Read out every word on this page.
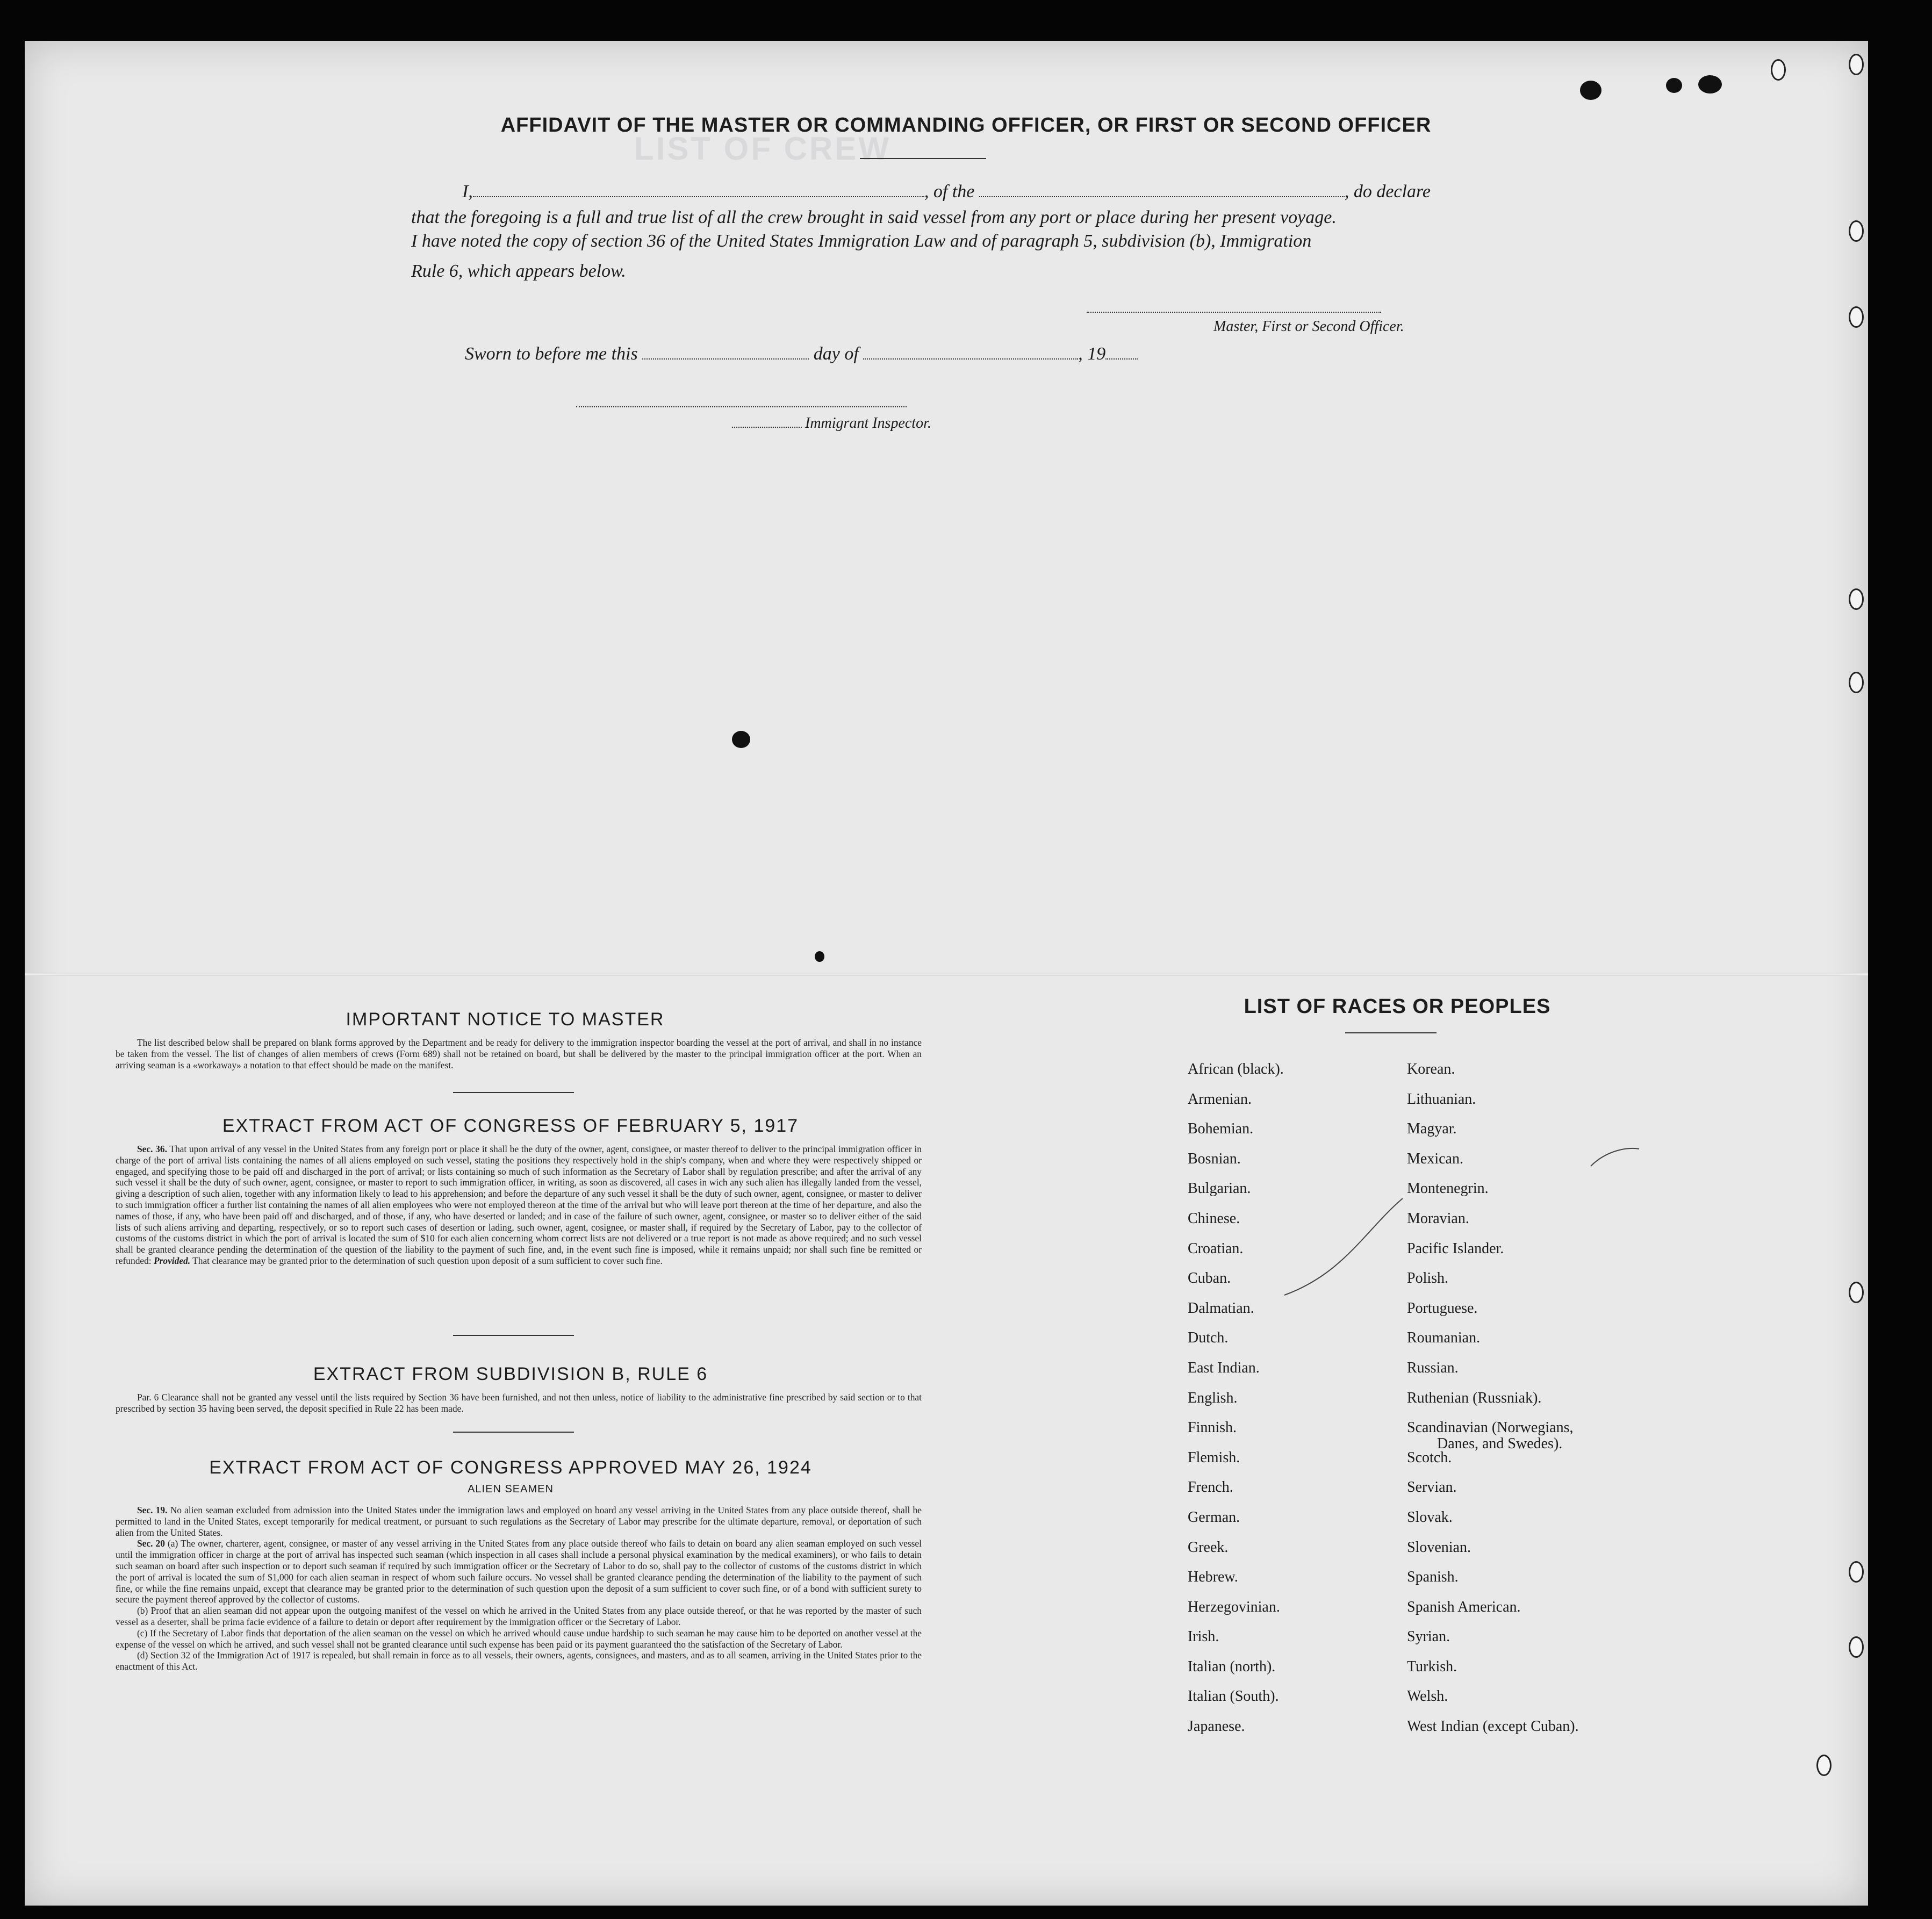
LIST OF CREW
AFFIDAVIT OF THE MASTER OR COMMANDING OFFICER, OR FIRST OR SECOND OFFICER
I,	, of the	, do declare
that the foregoing is a full and true list of all the crew brought in said vessel from any port or place during her present voyage.
I have noted the copy of section 36 of the United States Immigration Law and of paragraph 5, subdivision (b), Immigration
Rule 6, which appears below.
Master, First or Second Officer.
Sworn to before me this	day of	, 19
Immigrant Inspector.
IMPORTANT NOTICE TO MASTER

The list described below shall be prepared on blank forms approved by the Department and be ready for delivery to the immigration inspector boarding the vessel at the port of arrival, and shall in no instance be taken from the vessel. The list of changes of alien members of crews (Form 689) shall not be retained on board, but shall be delivered by the master to the principal immigration officer at the port. When an arriving seaman is a «workaway» a notation to that effect should be made on the manifest.

EXTRACT FROM ACT OF CONGRESS OF FEBRUARY 5, 1917

Sec. 36. That upon arrival of any vessel in the United States from any foreign port or place it shall be the duty of the owner, agent, consignee, or master thereof to deliver to the principal immigration officer in charge of the port of arrival lists containing the names of all aliens employed on such vessel, stating the positions they respectively hold in the ship's company, when and where they were respectively shipped or engaged, and specifying those to be paid off and discharged in the port of arrival; or lists containing so much of such information as the Secretary of Labor shall by regulation prescribe; and after the arrival of any such vessel it shall be the duty of such owner, agent, consignee, or master to report to such immigration officer, in writing, as soon as discovered, all cases in wich any such alien has illegally landed from the vessel, giving a description of such alien, together with any information likely to lead to his apprehension; and before the departure of any such vessel it shall be the duty of such owner, agent, consignee, or master to deliver to such immigration officer a further list containing the names of all alien employees who were not employed thereon at the time of the arrival but who will leave port thereon at the time of her departure, and also the names of those, if any, who have been paid off and discharged, and of those, if any, who have deserted or landed; and in case of the failure of such owner, agent, consignee, or master so to deliver either of the said lists of such aliens arriving and departing, respectively, or so to report such cases of desertion or lading, such owner, agent, cosignee, or master shall, if required by the Secretary of Labor, pay to the collector of customs of the customs district in which the port of arrival is located the sum of $10 for each alien concerning whom correct lists are not delivered or a true report is not made as above required; and no such vessel shall be granted clearance pending the determination of the question of the liability to the payment of such fine, and, in the event such fine is imposed, while it remains unpaid; nor shall such fine be remitted or refunded: Provided. That clearance may be granted prior to the determination of such question upon deposit of a sum sufficient to cover such fine.

EXTRACT FROM SUBDIVISION B, RULE 6

Par. 6 Clearance shall not be granted any vessel until the lists required by Section 36 have been furnished, and not then unless, notice of liability to the administrative fine prescribed by said section or to that prescribed by section 35 having been served, the deposit specified in Rule 22 has been made.

EXTRACT FROM ACT OF CONGRESS APPROVED MAY 26, 1924
ALIEN SEAMEN

Sec. 19. No alien seaman excluded from admission into the United States under the immigration laws and employed on board any vessel arriving in the United States from any place outside thereof, shall be permitted to land in the United States, except temporarily for medical treatment, or pursuant to such regulations as the Secretary of Labor may prescribe for the ultimate departure, removal, or deportation of such alien from the United States.

Sec. 20 (a) The owner, charterer, agent, consignee, or master of any vessel arriving in the United States from any place outside thereof who fails to detain on board any alien seaman employed on such vessel until the immigration officer in charge at the port of arrival has inspected such seaman (which inspection in all cases shall include a personal physical examination by the medical examiners), or who fails to detain such seaman on board after such inspection or to deport such seaman if required by such immigration officer or the Secretary of Labor to do so, shall pay to the collector of customs of the customs district in which the port of arrival is located the sum of $1,000 for each alien seaman in respect of whom such failure occurs. No vessel shall be granted clearance pending the determination of the liability to the payment of such fine, or while the fine remains unpaid, except that clearance may be granted prior to the determination of such question upon the deposit of a sum sufficient to cover such fine, or of a bond with sufficient surety to secure the payment thereof approved by the collector of customs.

(b) Proof that an alien seaman did not appear upon the outgoing manifest of the vessel on which he arrived in the United States from any place outside thereof, or that he was reported by the master of such vessel as a deserter, shall be prima facie evidence of a failure to detain or deport after requirement by the immigration officer or the Secretary of Labor.

(c) If the Secretary of Labor finds that deportation of the alien seaman on the vessel on which he arrived whould cause undue hardship to such seaman he may cause him to be deported on another vessel at the expense of the vessel on which he arrived, and such vessel shall not be granted clearance until such expense has been paid or its payment guaranteed tho the satisfaction of the Secretary of Labor.

(d) Section 32 of the Immigration Act of 1917 is repealed, but shall remain in force as to all vessels, their owners, agents, consignees, and masters, and as to all seamen, arriving in the United States prior to the enactment of this Act.

LIST OF RACES OR PEOPLES
African (black).
Armenian.
Bohemian.
Bosnian.
Bulgarian.
Chinese.
Croatian.
Cuban.
Dalmatian.
Dutch.
East Indian.
English.
Finnish.
Flemish.
French.
German.
Greek.
Hebrew.
Herzegovinian.
Irish.
Italian (north).
Italian (South).
Japanese.
Korean.
Lithuanian.
Magyar.
Mexican.
Montenegrin.
Moravian.
Pacific Islander.
Polish.
Portuguese.
Roumanian.
Russian.
Ruthenian (Russniak).
Scandinavian (Norwegians,
Danes, and Swedes).
Scotch.
Servian.
Slovak.
Slovenian.
Spanish.
Spanish American.
Syrian.
Turkish.
Welsh.
West Indian (except Cuban).
